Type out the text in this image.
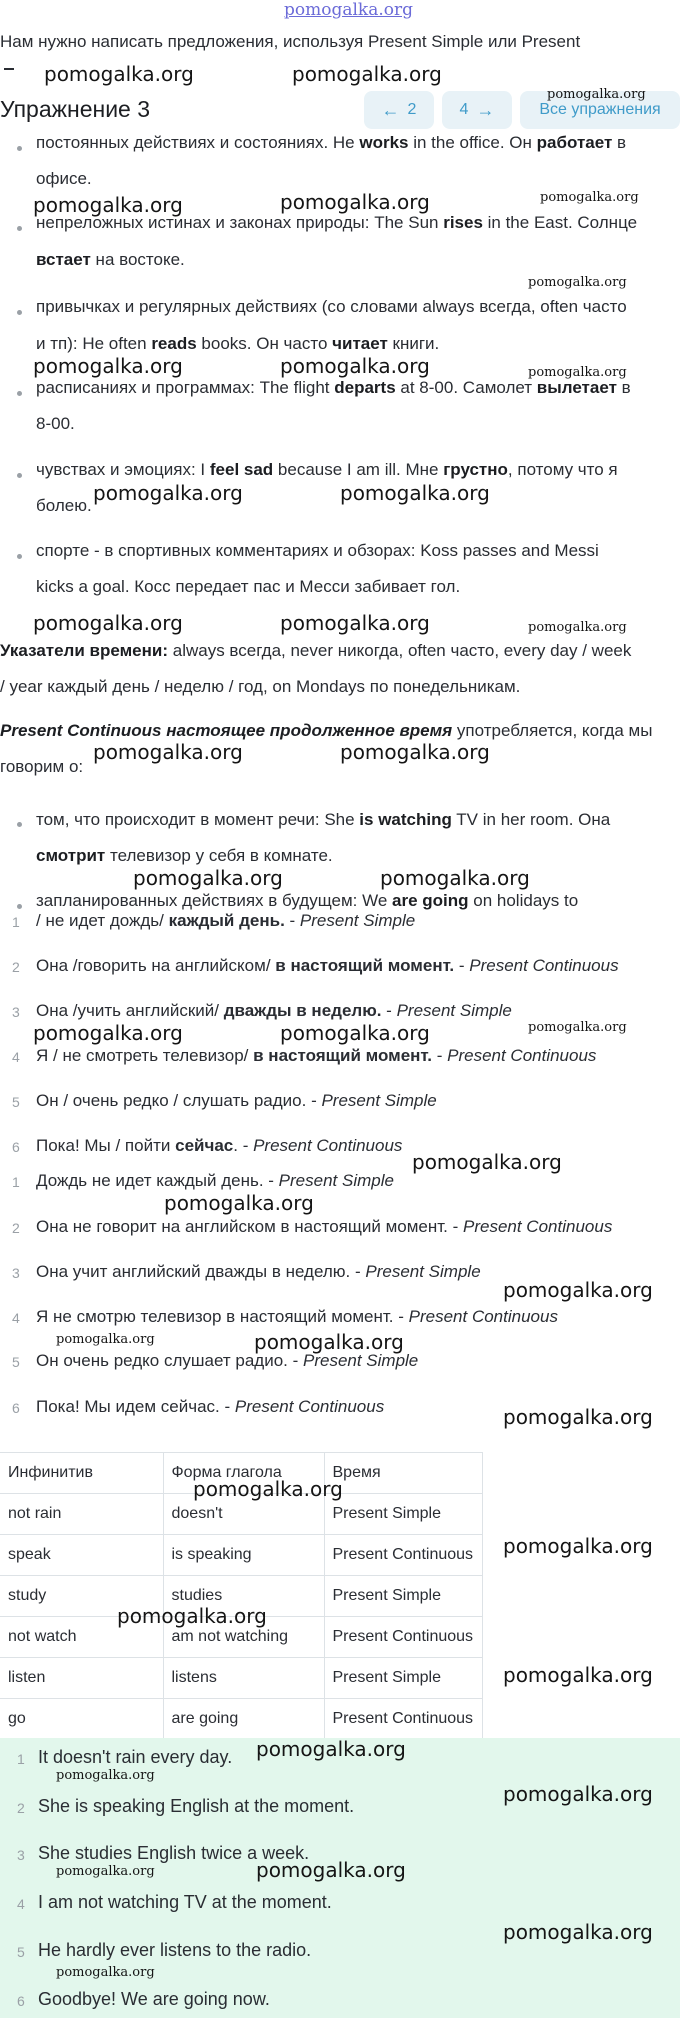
pomogalka.org
Нам нужно написать предложения, используя Present Simple или Present
Упражнение 3	← 2	4 →	Все упражнения
постоянных действиях и состояниях. He works in the office. Он работает в
офисе.
непреложных истинах и законах природы: The Sun rises in the East. Солнце
встает на востоке.
привычках и регулярных действиях (со словами always всегда, often часто
и тп): He often reads books. Он часто читает книги.
расписаниях и программах: The flight departs at 8-00. Самолет вылетает в
8-00.
чувствах и эмоциях: I feel sad because I am ill. Мне грустно, потому что я
болею.
спорте - в спортивных комментариях и обзорах: Koss passes and Messi
kicks a goal. Косс передает пас и Месси забивает гол.
Указатели времени: always всегда, never никогда, often часто, every day / week
/ year каждый день / неделю / год, on Mondays по понедельникам.
Present Continuous настоящее продолженное время употребляется, когда мы
говорим о:
том, что происходит в момент речи: She is watching TV in her room. Она
смотрит телевизор у себя в комнате.
запланированных действиях в будущем: We are going on holidays to
1 / не идет дождь/ каждый день. - Present Simple
2 Она /говорить на английском/ в настоящий момент. - Present Continuous
3 Она /учить английский/ дважды в неделю. - Present Simple
4 Я / не смотреть телевизор/ в настоящий момент. - Present Continuous
5 Он / очень редко / слушать радио. - Present Simple
6 Пока! Мы / пойти сейчас. - Present Continuous
1 Дождь не идет каждый день. - Present Simple
2 Она не говорит на английском в настоящий момент. - Present Continuous
3 Она учит английский дважды в неделю. - Present Simple
4 Я не смотрю телевизор в настоящий момент. - Present Continuous
5 Он очень редко слушает радио. - Present Simple
6 Пока! Мы идем сейчас. - Present Continuous
Инфинитив	Форма глагола	Время
not rain	doesn't	Present Simple
speak	is speaking	Present Continuous
study	studies	Present Simple
not watch	am not watching	Present Continuous
listen	listens	Present Simple
go	are going	Present Continuous
1 It doesn't rain every day.
2 She is speaking English at the moment.
3 She studies English twice a week.
4 I am not watching TV at the moment.
5 He hardly ever listens to the radio.
6 Goodbye! We are going now.
pomogalka.org	pomogalka.org
pomogalka.org	pomogalka.org
pomogalka.org	pomogalka.org
pomogalka.org	pomogalka.org
pomogalka.org	pomogalka.org
pomogalka.org	pomogalka.org
pomogalka.org	pomogalka.org
pomogalka.org	pomogalka.org
pomogalka.org
pomogalka.org
pomogalka.org
pomogalka.org
pomogalka.org
pomogalka.org
pomogalka.org
pomogalka.org
pomogalka.org
pomogalka.org
pomogalka.org
pomogalka.org
pomogalka.org
pomogalka.org
pomogalka.org
pomogalka.org
pomogalka.org
pomogalka.org
pomogalka.org
pomogalka.org
pomogalka.org
pomogalka.org
pomogalka.org
